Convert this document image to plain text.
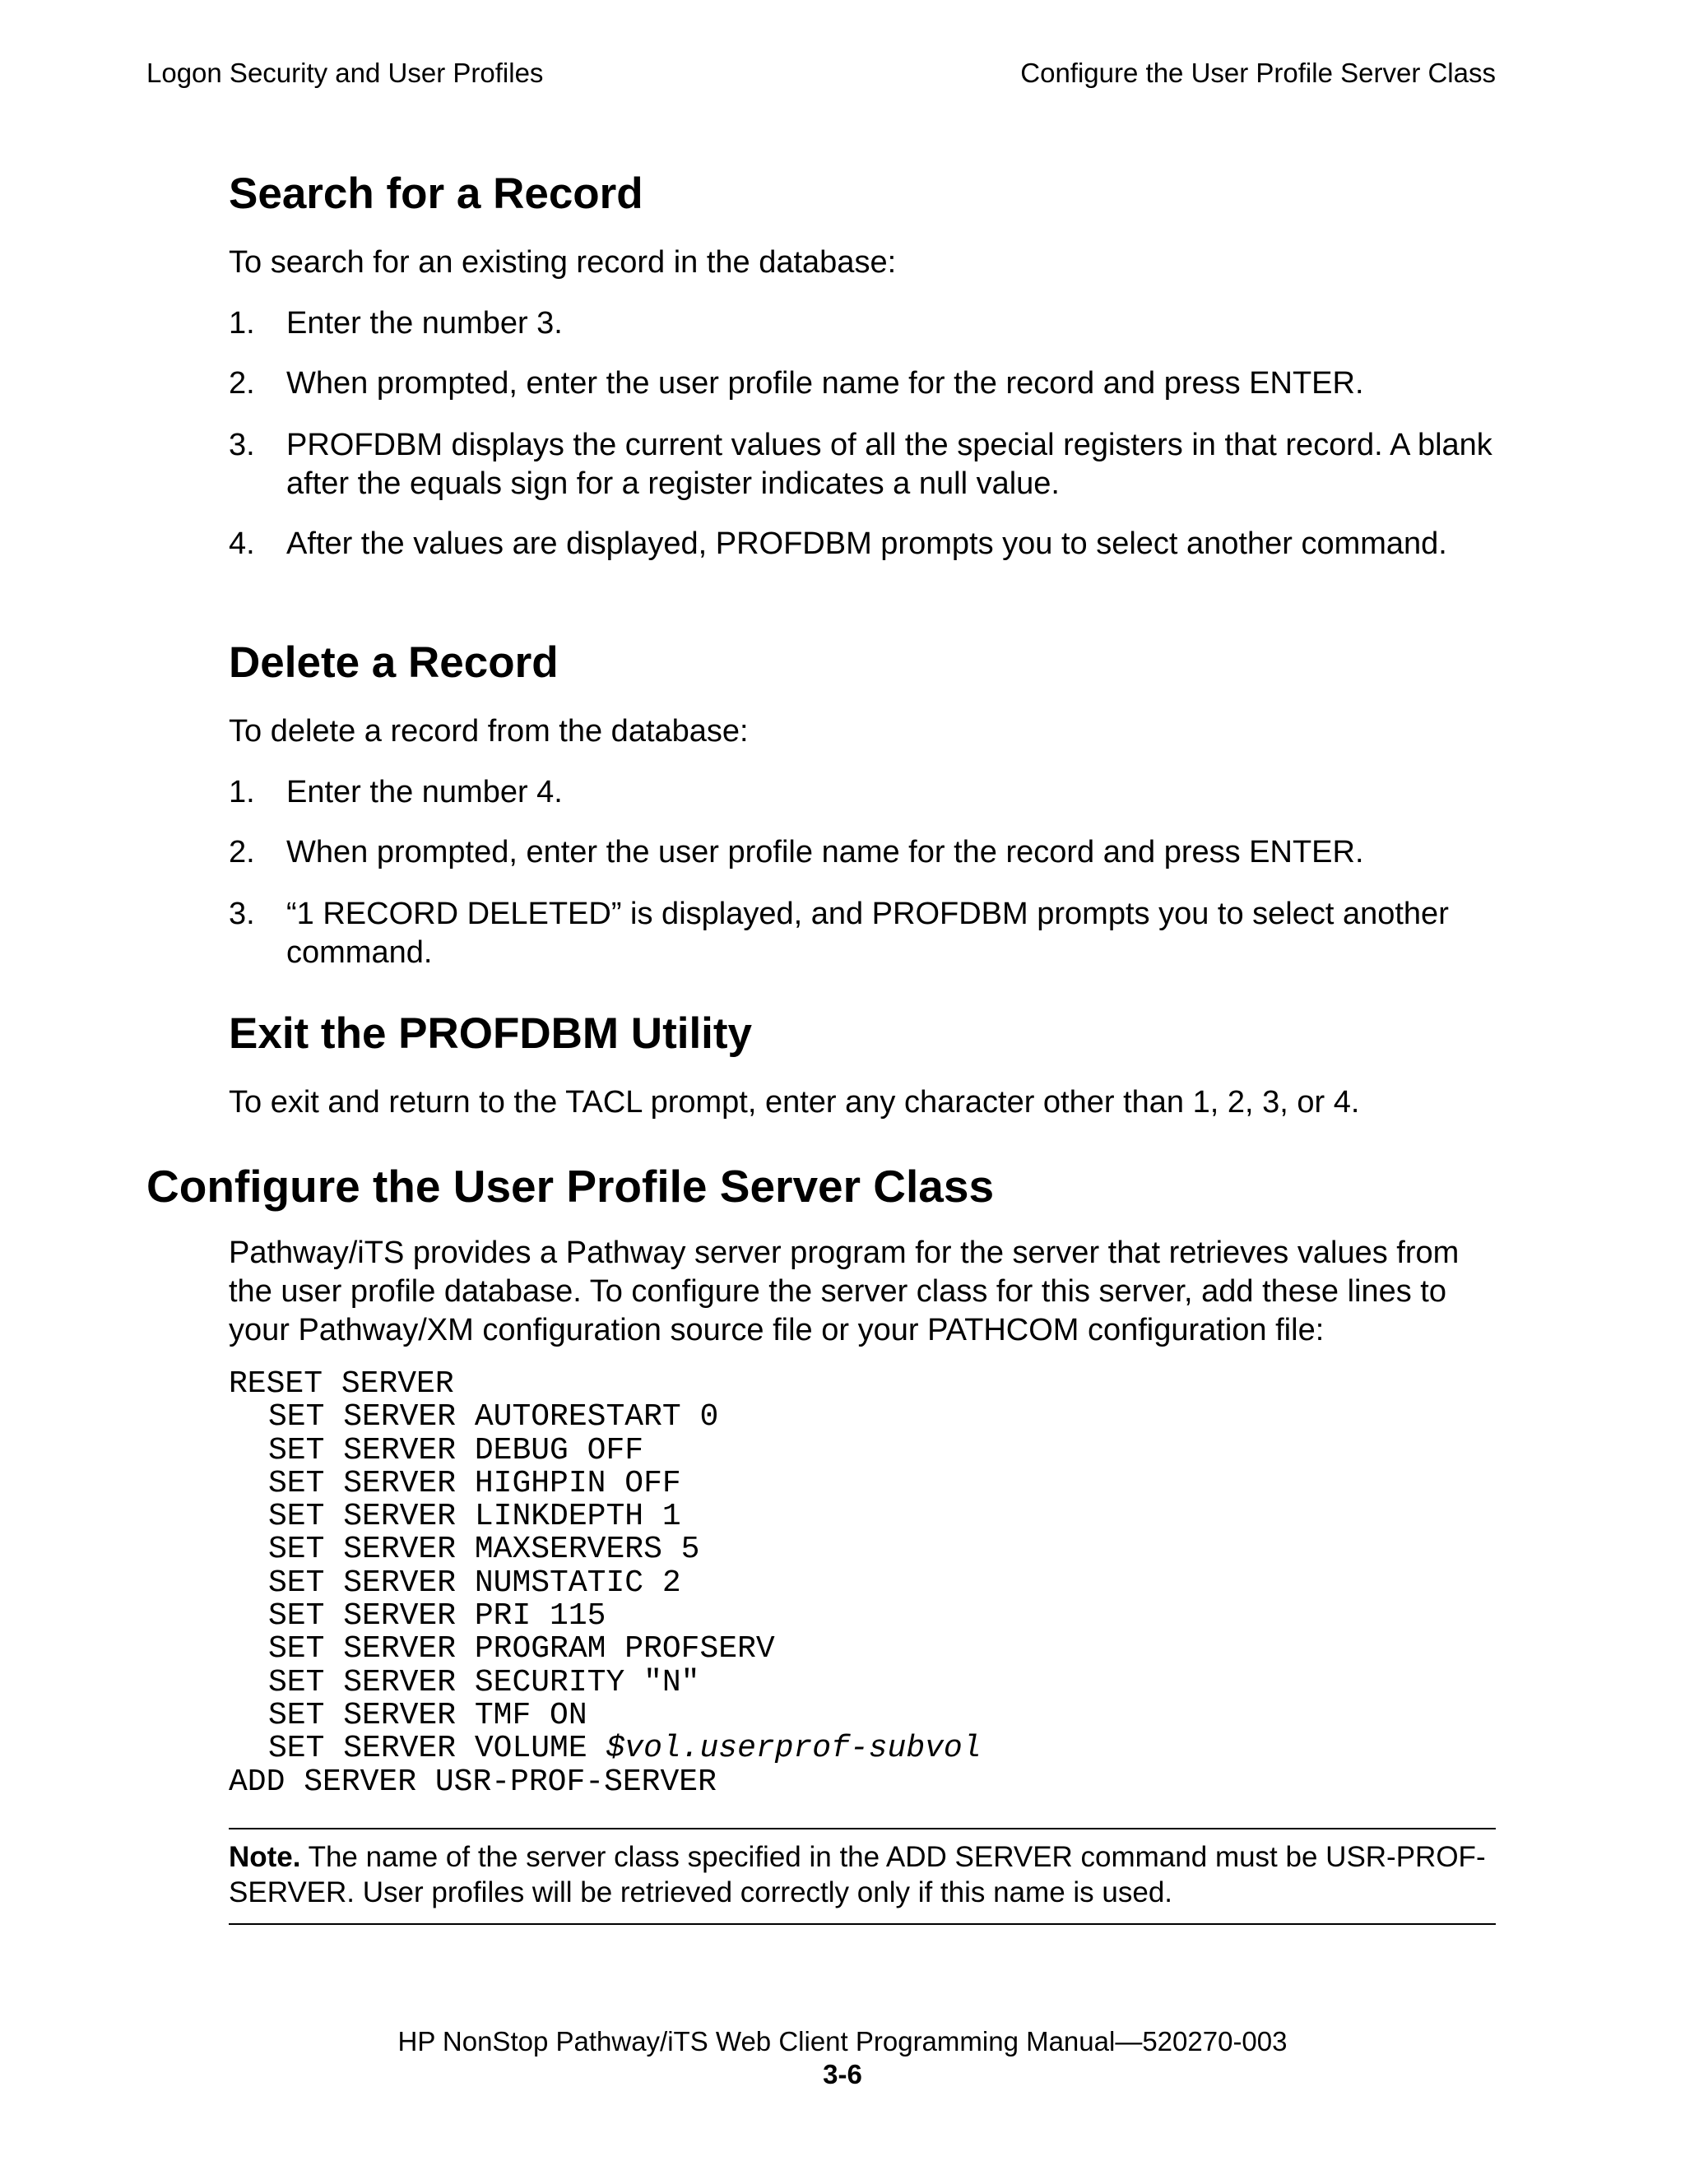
Logon Security and User Profiles	Configure the User Profile Server Class
Search for a Record

To search for an existing record in the database:

1.	Enter the number 3.
2.	When prompted, enter the user profile name for the record and press ENTER.
3.	PROFDBM displays the current values of all the special registers in that record. A blank after the equals sign for a register indicates a null value.
4.	After the values are displayed, PROFDBM prompts you to select another command.
Delete a Record

To delete a record from the database:

1.	Enter the number 4.
2.	When prompted, enter the user profile name for the record and press ENTER.
3.	“1 RECORD DELETED” is displayed, and PROFDBM prompts you to select another command.
Exit the PROFDBM Utility

To exit and return to the TACL prompt, enter any character other than 1, 2, 3, or 4.

Configure the User Profile Server Class

Pathway/iTS provides a Pathway server program for the server that retrieves values from the user profile database. To configure the server class for this server, add these lines to your Pathway/XM configuration source file or your PATHCOM configuration file:

RESET SERVER
SET SERVER AUTORESTART 0
SET SERVER DEBUG OFF
SET SERVER HIGHPIN OFF
SET SERVER LINKDEPTH 1
SET SERVER MAXSERVERS 5
SET SERVER NUMSTATIC 2
SET SERVER PRI 115
SET SERVER PROGRAM PROFSERV
SET SERVER SECURITY "N"
SET SERVER TMF ON
SET SERVER VOLUME $vol.userprof-subvol
ADD SERVER USR-PROF-SERVER
Note. The name of the server class specified in the ADD SERVER command must be USR-PROF-SERVER. User profiles will be retrieved correctly only if this name is used.
HP NonStop Pathway/iTS Web Client Programming Manual—520270-003
3-6
